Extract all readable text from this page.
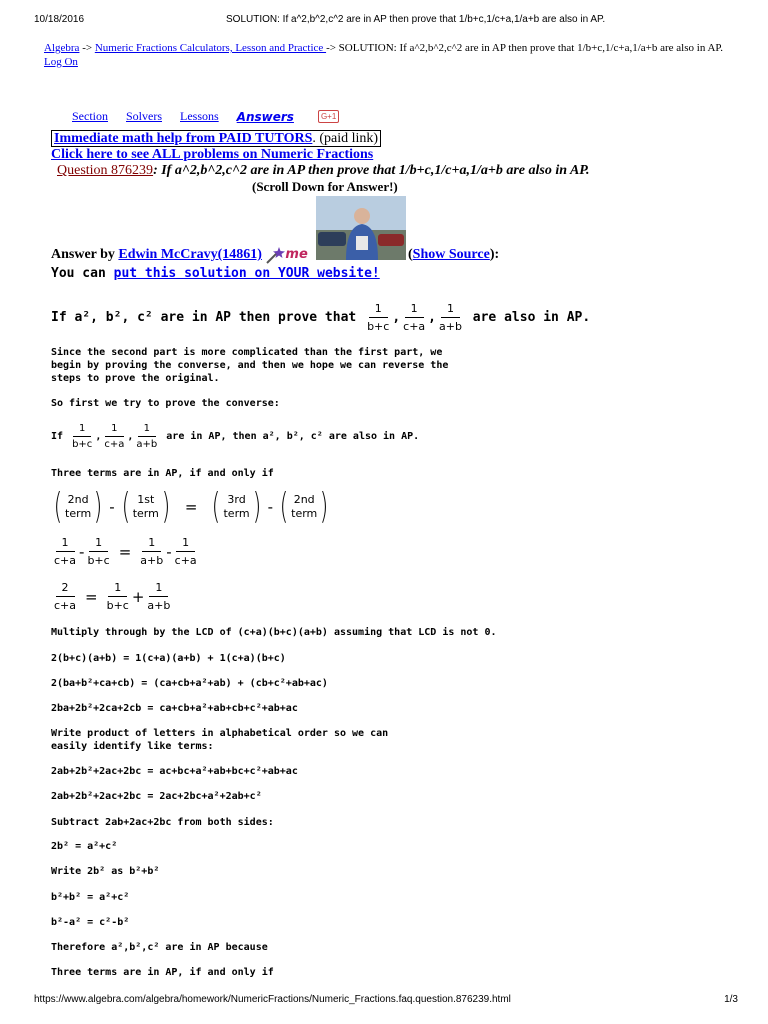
10/18/2016	SOLUTION: If a^2,b^2,c^2 are in AP then prove that 1/b+c,1/c+a,1/a+b are also in AP.
Algebra -> Numeric Fractions Calculators, Lesson and Practice -> SOLUTION: If a^2,b^2,c^2 are in AP then prove that 1/b+c,1/c+a,1/a+b are also in AP.
Log On
Section Solvers Lessons Answers	G+1
Immediate math help from PAID TUTORS. (paid link)
Click here to see ALL problems on Numeric Fractions
Question 876239: If a^2,b^2,c^2 are in AP then prove that 1/b+c,1/c+a,1/a+b are also in AP.
(Scroll Down for Answer!)
Answer by Edwin McCravy(14861) me	(Show Source):
You can put this solution on YOUR website!
If a², b², c² are in AP then prove that
$\frac{1}{b+c}$ , $\frac{1}{c+a}$ , $\frac{1}{a+b}$
are also in AP.
Since the second part is more complicated than the first part, we
begin by proving the converse, and then we hope we can reverse the
steps to prove the original.
So first we try to prove the converse:
If
$\frac{1}{b+c}$ , $\frac{1}{c+a}$ , $\frac{1}{a+b}$
are in AP, then a², b², c² are also in AP.
Three terms are in AP, if and only if
( 2nd
term ) - ( 1st
term ) = ( 3rd
term ) - ( 2nd
term )
$\frac{1}{c+a} - \frac{1}{b+c} = \frac{1}{a+b} - \frac{1}{c+a}$
$\frac{2}{c+a} = \frac{1}{b+c} + \frac{1}{a+b}$
Multiply through by the LCD of (c+a)(b+c)(a+b) assuming that LCD is not 0.
2(b+c)(a+b) = 1(c+a)(a+b) + 1(c+a)(b+c)
2(ba+b²+ca+cb) = (ca+cb+a²+ab) + (cb+c²+ab+ac)
2ba+2b²+2ca+2cb = ca+cb+a²+ab+cb+c²+ab+ac
Write product of letters in alphabetical order so we can
easily identify like terms:
2ab+2b²+2ac+2bc = ac+bc+a²+ab+bc+c²+ab+ac
2ab+2b²+2ac+2bc = 2ac+2bc+a²+2ab+c²
Subtract 2ab+2ac+2bc from both sides:
2b² = a²+c²
Write 2b² as b²+b²
b²+b² = a²+c²
b²-a² = c²-b²
Therefore a²,b²,c² are in AP because
Three terms are in AP, if and only if
https://www.algebra.com/algebra/homework/NumericFractions/Numeric_Fractions.faq.question.876239.html	1/3
